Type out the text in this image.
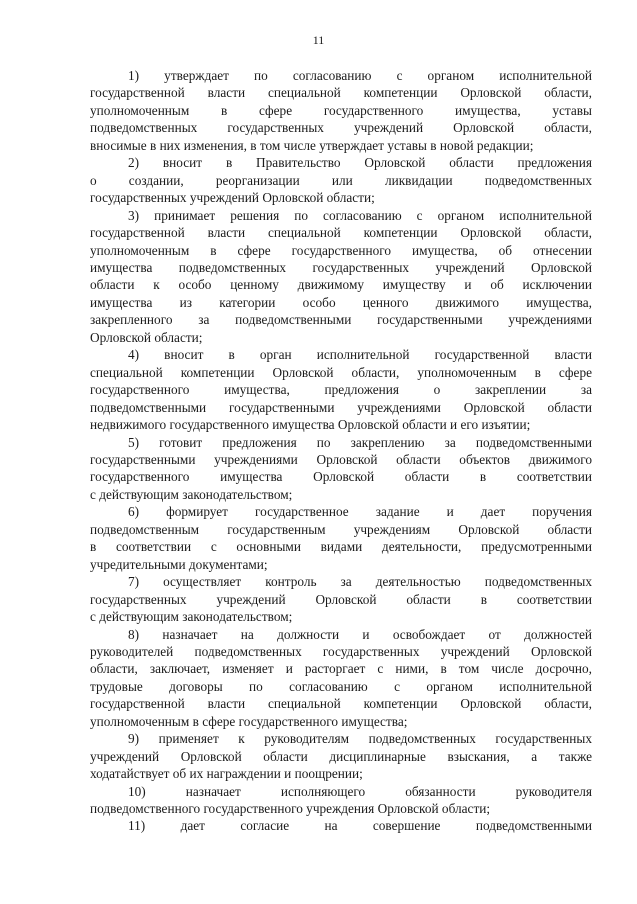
11
1) утверждает по согласованию с органом исполнительной
государственной власти специальной компетенции Орловской области,
уполномоченным в сфере государственного имущества, уставы
подведомственных государственных учреждений Орловской области,
вносимые в них изменения, в том числе утверждает уставы в новой редакции;
2) вносит в Правительство Орловской области предложения
о создании, реорганизации или ликвидации подведомственных
государственных учреждений Орловской области;
3) принимает решения по согласованию с органом исполнительной
государственной власти специальной компетенции Орловской области,
уполномоченным в сфере государственного имущества, об отнесении
имущества подведомственных государственных учреждений Орловской
области к особо ценному движимому имуществу и об исключении
имущества из категории особо ценного движимого имущества,
закрепленного за подведомственными государственными учреждениями
Орловской области;
4) вносит в орган исполнительной государственной власти
специальной компетенции Орловской области, уполномоченным в сфере
государственного имущества, предложения о закреплении за
подведомственными государственными учреждениями Орловской области
недвижимого государственного имущества Орловской области и его изъятии;
5) готовит предложения по закреплению за подведомственными
государственными учреждениями Орловской области объектов движимого
государственного имущества Орловской области в соответствии
с действующим законодательством;
6) формирует государственное задание и дает поручения
подведомственным государственным учреждениям Орловской области
в соответствии с основными видами деятельности, предусмотренными
учредительными документами;
7) осуществляет контроль за деятельностью подведомственных
государственных учреждений Орловской области в соответствии
с действующим законодательством;
8) назначает на должности и освобождает от должностей
руководителей подведомственных государственных учреждений Орловской
области, заключает, изменяет и расторгает с ними, в том числе досрочно,
трудовые договоры по согласованию с органом исполнительной
государственной власти специальной компетенции Орловской области,
уполномоченным в сфере государственного имущества;
9) применяет к руководителям подведомственных государственных
учреждений Орловской области дисциплинарные взыскания, а также
ходатайствует об их награждении и поощрении;
10) назначает исполняющего обязанности руководителя
подведомственного государственного учреждения Орловской области;
11) дает согласие на совершение подведомственными
